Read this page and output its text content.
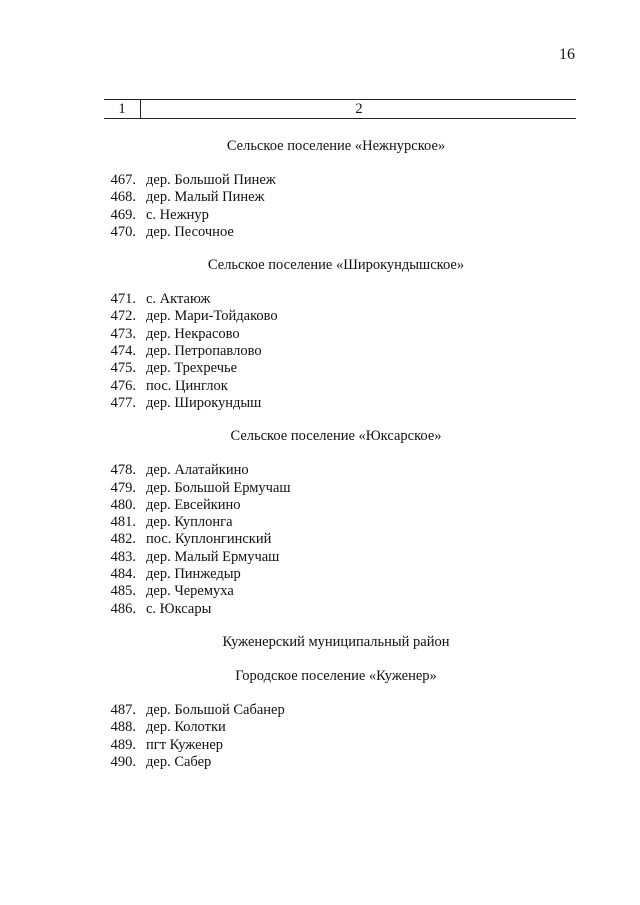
16
1	2
Сельское поселение «Нежнурское»
467. дер. Большой Пинеж
468. дер. Малый Пинеж
469. с. Нежнур
470. дер. Песочное
Сельское поселение «Широкундышское»
471. с. Актаюж
472. дер. Мари-Тойдаково
473. дер. Некрасово
474. дер. Петропавлово
475. дер. Трехречье
476. пос. Цинглок
477. дер. Широкундыш
Сельское поселение «Юксарское»
478. дер. Алатайкино
479. дер. Большой Ермучаш
480. дер. Евсейкино
481. дер. Куплонга
482. пос. Куплонгинский
483. дер. Малый Ермучаш
484. дер. Пинжедыр
485. дер. Черемуха
486. с. Юксары
Куженерский муниципальный район
Городское поселение «Куженер»
487. дер. Большой Сабанер
488. дер. Колотки
489. пгт Куженер
490. дер. Сабер
